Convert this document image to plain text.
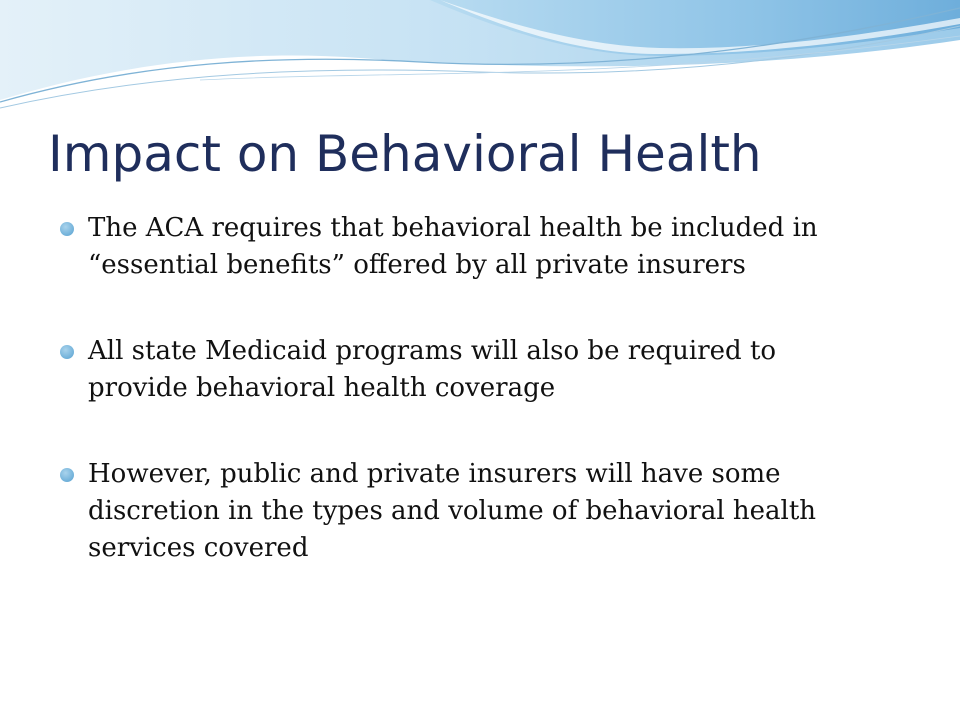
Impact on Behavioral Health
The ACA requires that behavioral health be included in “essential benefits” offered by all private insurers
All state Medicaid programs will also be required to provide behavioral health coverage
However, public and private insurers will have some discretion in the types and volume of behavioral health services covered
